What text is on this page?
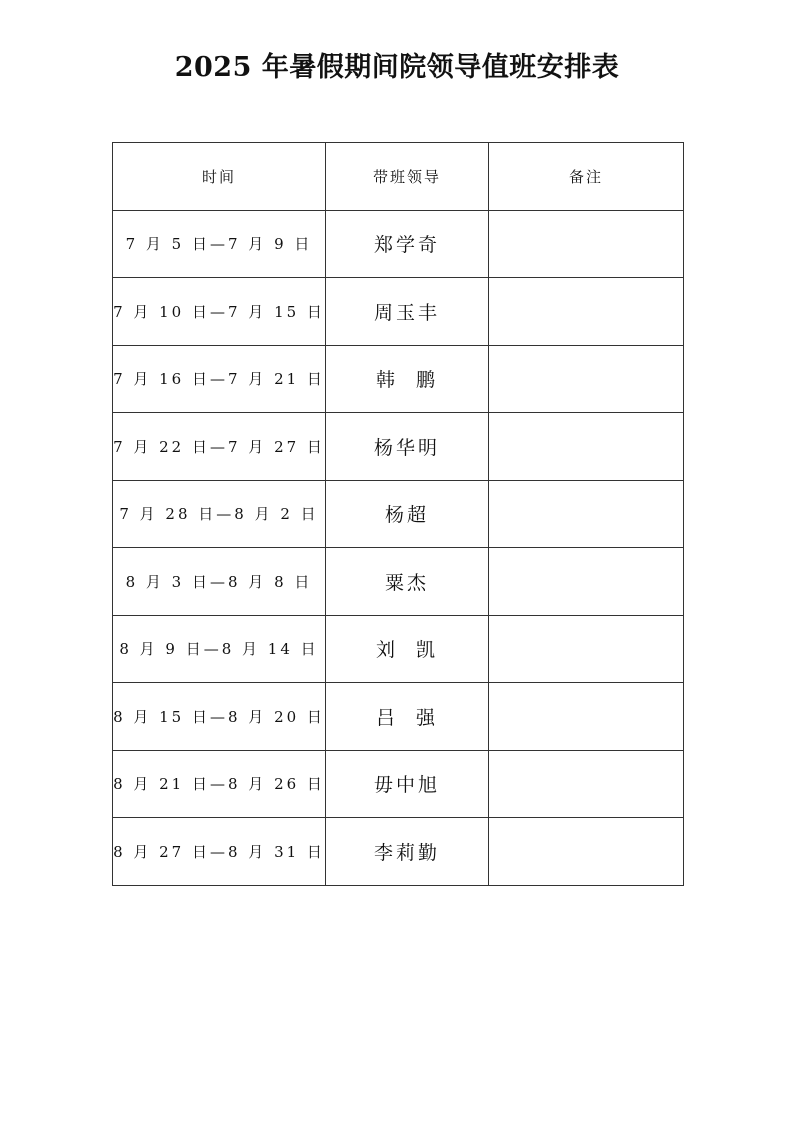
2025 年暑假期间院领导值班安排表
时间	带班领导	备注
7 月 5 日—7 月 9 日	郑学奇	
7 月 10 日—7 月 15 日	周玉丰	
7 月 16 日—7 月 21 日	韩  鹏	
7 月 22 日—7 月 27 日	杨华明	
7 月 28 日—8 月 2 日	杨超	
8 月 3 日—8 月 8 日	粟杰	
8 月 9 日—8 月 14 日	刘  凯	
8 月 15 日—8 月 20 日	吕  强	
8 月 21 日—8 月 26 日	毋中旭	
8 月 27 日—8 月 31 日	李莉勤	
